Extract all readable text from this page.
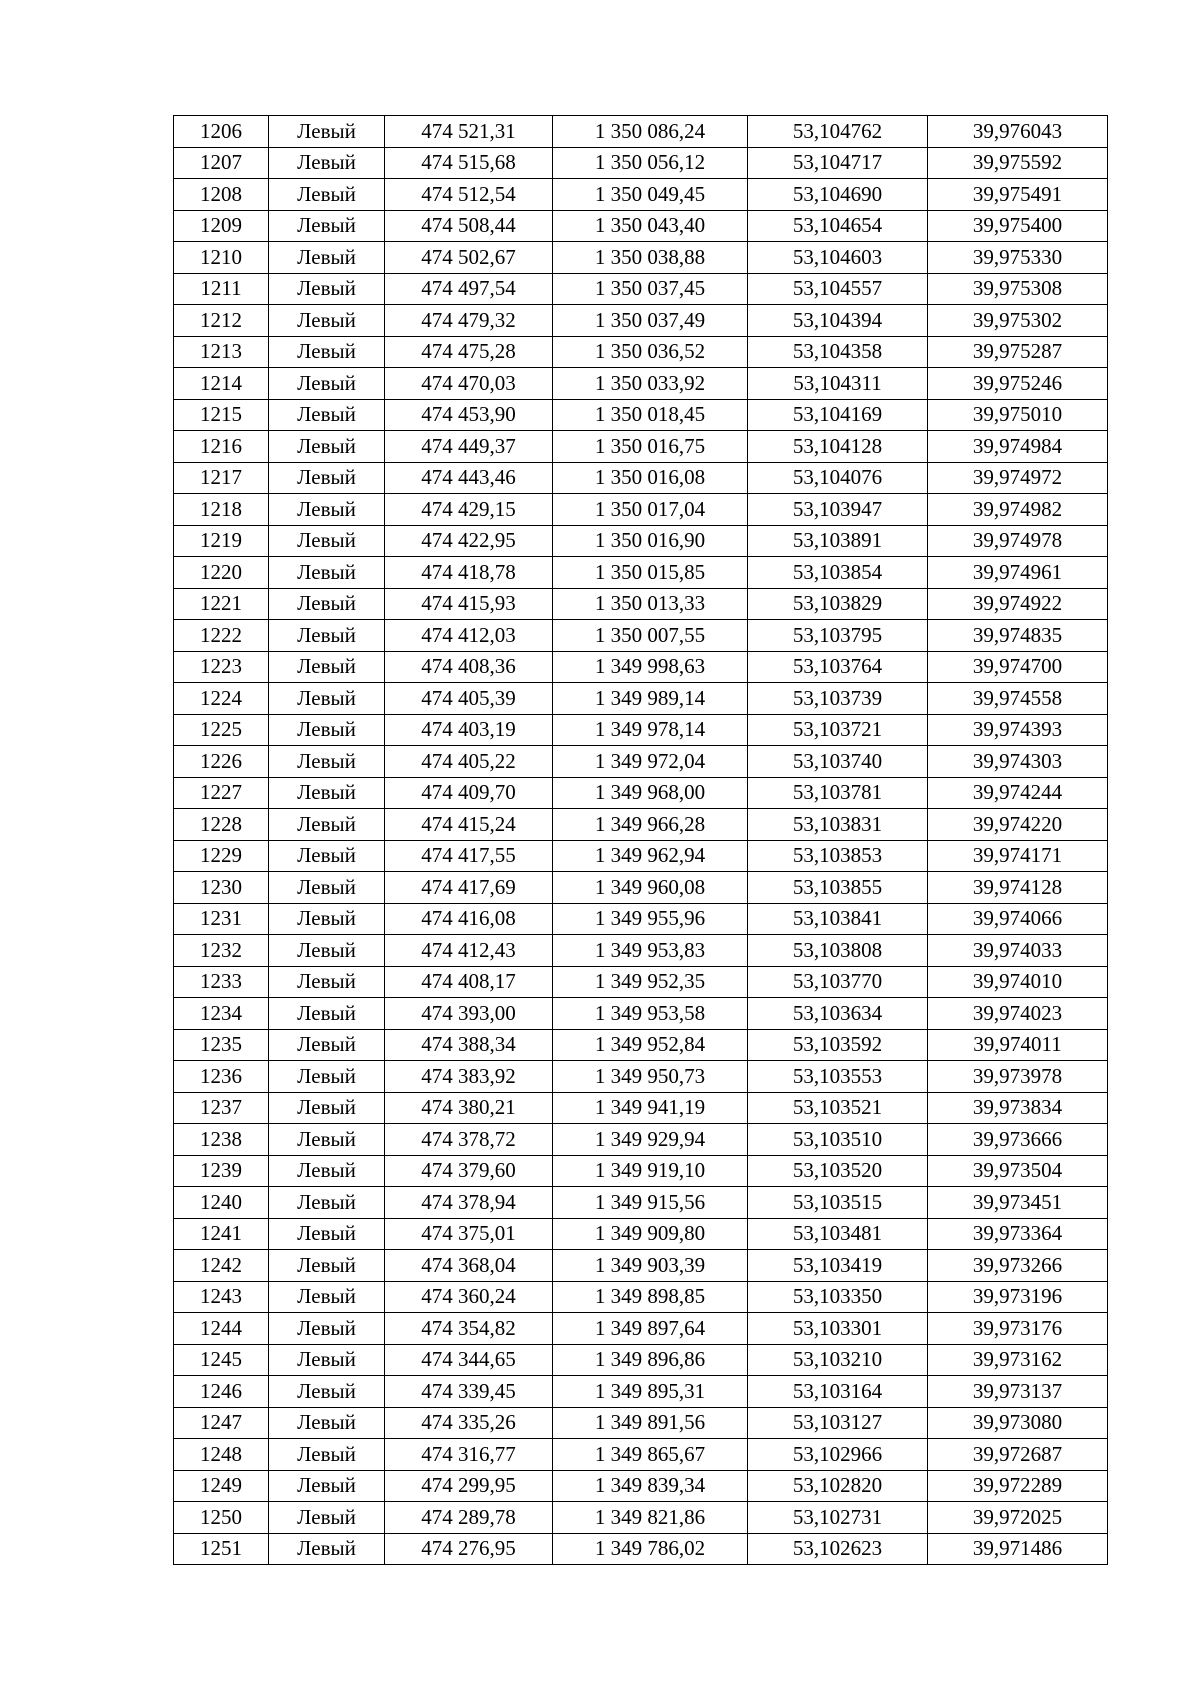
1206	Левый	474 521,31	1 350 086,24	53,104762	39,976043
1207	Левый	474 515,68	1 350 056,12	53,104717	39,975592
1208	Левый	474 512,54	1 350 049,45	53,104690	39,975491
1209	Левый	474 508,44	1 350 043,40	53,104654	39,975400
1210	Левый	474 502,67	1 350 038,88	53,104603	39,975330
1211	Левый	474 497,54	1 350 037,45	53,104557	39,975308
1212	Левый	474 479,32	1 350 037,49	53,104394	39,975302
1213	Левый	474 475,28	1 350 036,52	53,104358	39,975287
1214	Левый	474 470,03	1 350 033,92	53,104311	39,975246
1215	Левый	474 453,90	1 350 018,45	53,104169	39,975010
1216	Левый	474 449,37	1 350 016,75	53,104128	39,974984
1217	Левый	474 443,46	1 350 016,08	53,104076	39,974972
1218	Левый	474 429,15	1 350 017,04	53,103947	39,974982
1219	Левый	474 422,95	1 350 016,90	53,103891	39,974978
1220	Левый	474 418,78	1 350 015,85	53,103854	39,974961
1221	Левый	474 415,93	1 350 013,33	53,103829	39,974922
1222	Левый	474 412,03	1 350 007,55	53,103795	39,974835
1223	Левый	474 408,36	1 349 998,63	53,103764	39,974700
1224	Левый	474 405,39	1 349 989,14	53,103739	39,974558
1225	Левый	474 403,19	1 349 978,14	53,103721	39,974393
1226	Левый	474 405,22	1 349 972,04	53,103740	39,974303
1227	Левый	474 409,70	1 349 968,00	53,103781	39,974244
1228	Левый	474 415,24	1 349 966,28	53,103831	39,974220
1229	Левый	474 417,55	1 349 962,94	53,103853	39,974171
1230	Левый	474 417,69	1 349 960,08	53,103855	39,974128
1231	Левый	474 416,08	1 349 955,96	53,103841	39,974066
1232	Левый	474 412,43	1 349 953,83	53,103808	39,974033
1233	Левый	474 408,17	1 349 952,35	53,103770	39,974010
1234	Левый	474 393,00	1 349 953,58	53,103634	39,974023
1235	Левый	474 388,34	1 349 952,84	53,103592	39,974011
1236	Левый	474 383,92	1 349 950,73	53,103553	39,973978
1237	Левый	474 380,21	1 349 941,19	53,103521	39,973834
1238	Левый	474 378,72	1 349 929,94	53,103510	39,973666
1239	Левый	474 379,60	1 349 919,10	53,103520	39,973504
1240	Левый	474 378,94	1 349 915,56	53,103515	39,973451
1241	Левый	474 375,01	1 349 909,80	53,103481	39,973364
1242	Левый	474 368,04	1 349 903,39	53,103419	39,973266
1243	Левый	474 360,24	1 349 898,85	53,103350	39,973196
1244	Левый	474 354,82	1 349 897,64	53,103301	39,973176
1245	Левый	474 344,65	1 349 896,86	53,103210	39,973162
1246	Левый	474 339,45	1 349 895,31	53,103164	39,973137
1247	Левый	474 335,26	1 349 891,56	53,103127	39,973080
1248	Левый	474 316,77	1 349 865,67	53,102966	39,972687
1249	Левый	474 299,95	1 349 839,34	53,102820	39,972289
1250	Левый	474 289,78	1 349 821,86	53,102731	39,972025
1251	Левый	474 276,95	1 349 786,02	53,102623	39,971486
